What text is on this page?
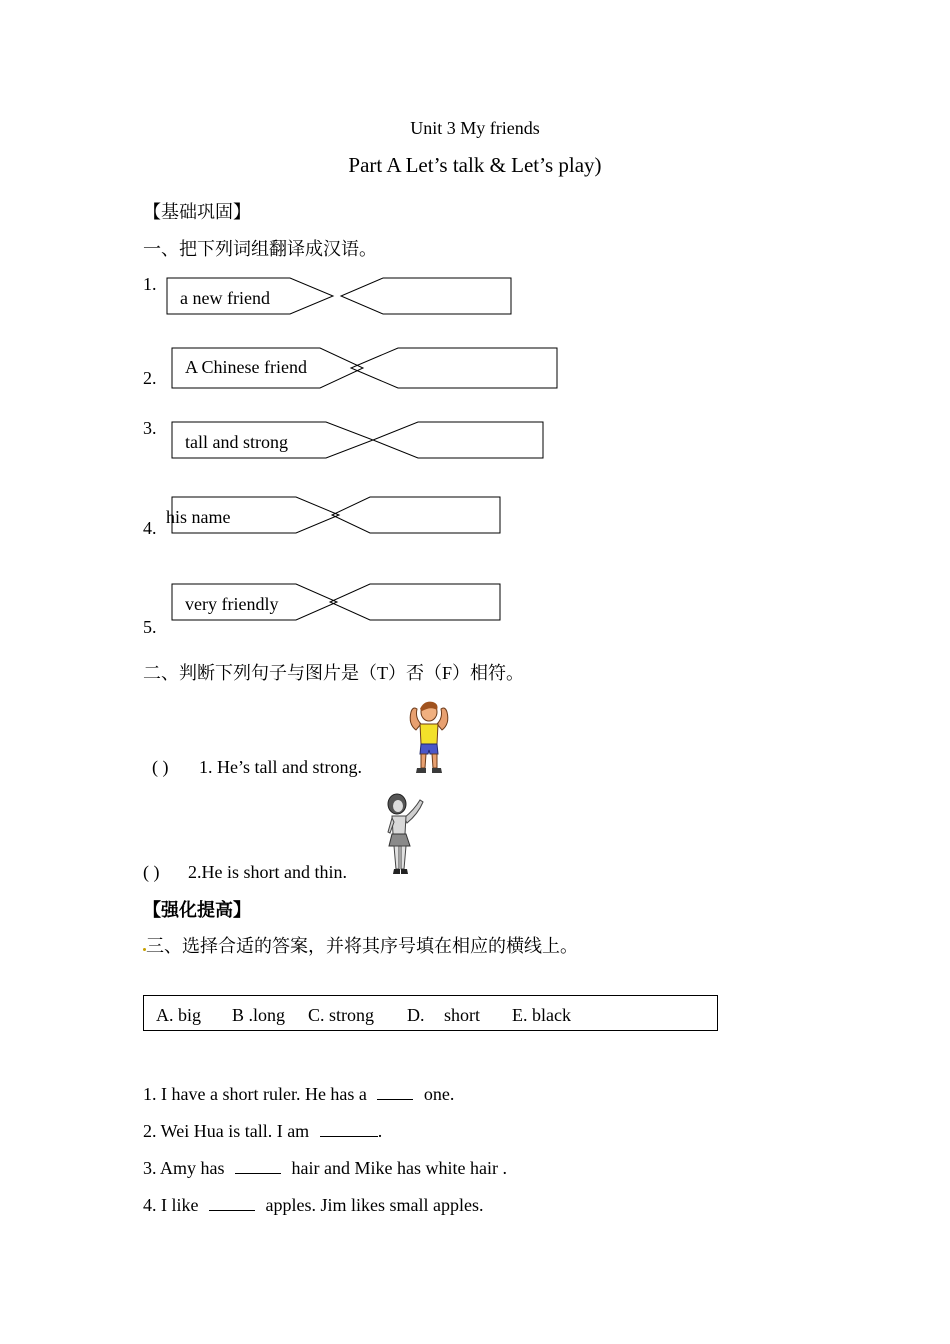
Unit 3 My friends
Part A Let’s talk & Let’s play)
【基础巩固】
一、把下列词组翻译成汉语。
1.
2.
3.
4.
5.
a new friend
A Chinese friend
tall and strong
his name
very friendly
二、判断下列句子与图片是（T）否（F）相符。
( ) 1. He’s tall and strong.
( ) 2.He is short and thin.
【强化提高】
三、选择合适的答案，并将其序号填在相应的横线上。
A. big B .long C. strong D. short E. black
1. I have a short ruler. He has a	one.
2. Wei Hua is tall. I am	.
3. Amy has	hair and Mike has white hair .
4. I like	apples. Jim likes small apples.
